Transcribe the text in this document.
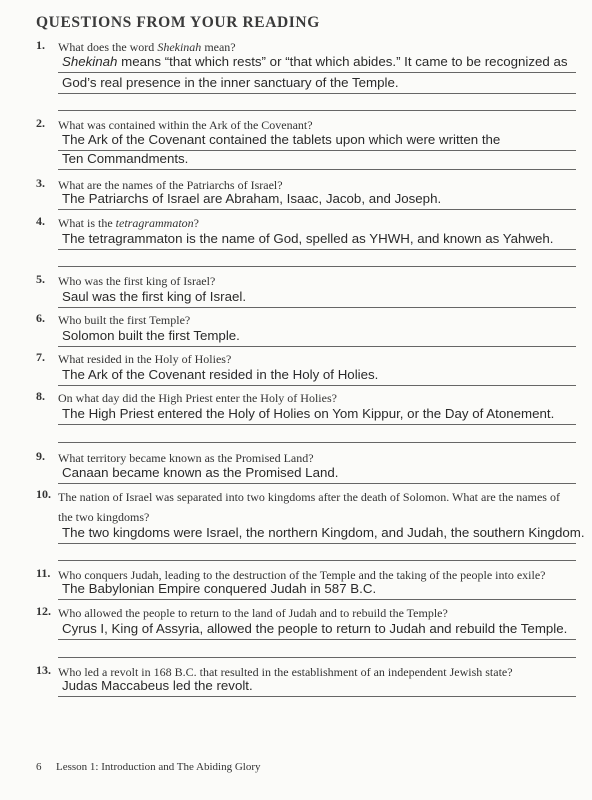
QUESTIONS FROM YOUR READING
1.	What does the word Shekinah mean?
Shekinah means “that which rests” or “that which abides.” It came to be recognized as
God’s real presence in the inner sanctuary of the Temple.
2.	What was contained within the Ark of the Covenant?
The Ark of the Covenant contained the tablets upon which were written the
Ten Commandments.
3.	What are the names of the Patriarchs of Israel?
The Patriarchs of Israel are Abraham, Isaac, Jacob, and Joseph.
4.	What is the tetragrammaton?
The tetragrammaton is the name of God, spelled as YHWH, and known as Yahweh.
5.	Who was the first king of Israel?
Saul was the first king of Israel.
6.	Who built the first Temple?
Solomon built the first Temple.
7.	What resided in the Holy of Holies?
The Ark of the Covenant resided in the Holy of Holies.
8.	On what day did the High Priest enter the Holy of Holies?
The High Priest entered the Holy of Holies on Yom Kippur, or the Day of Atonement.
9.	What territory became known as the Promised Land?
Canaan became known as the Promised Land.
10. The nation of Israel was separated into two kingdoms after the death of Solomon. What are the names of the two kingdoms?
The two kingdoms were Israel, the northern Kingdom, and Judah, the southern Kingdom.
11. Who conquers Judah, leading to the destruction of the Temple and the taking of the people into exile?
The Babylonian Empire conquered Judah in 587 B.C.
12. Who allowed the people to return to the land of Judah and to rebuild the Temple?
Cyrus I, King of Assyria, allowed the people to return to Judah and rebuild the Temple.
13. Who led a revolt in 168 B.C. that resulted in the establishment of an independent Jewish state?
Judas Maccabeus led the revolt.
6 Lesson 1: Introduction and The Abiding Glory
